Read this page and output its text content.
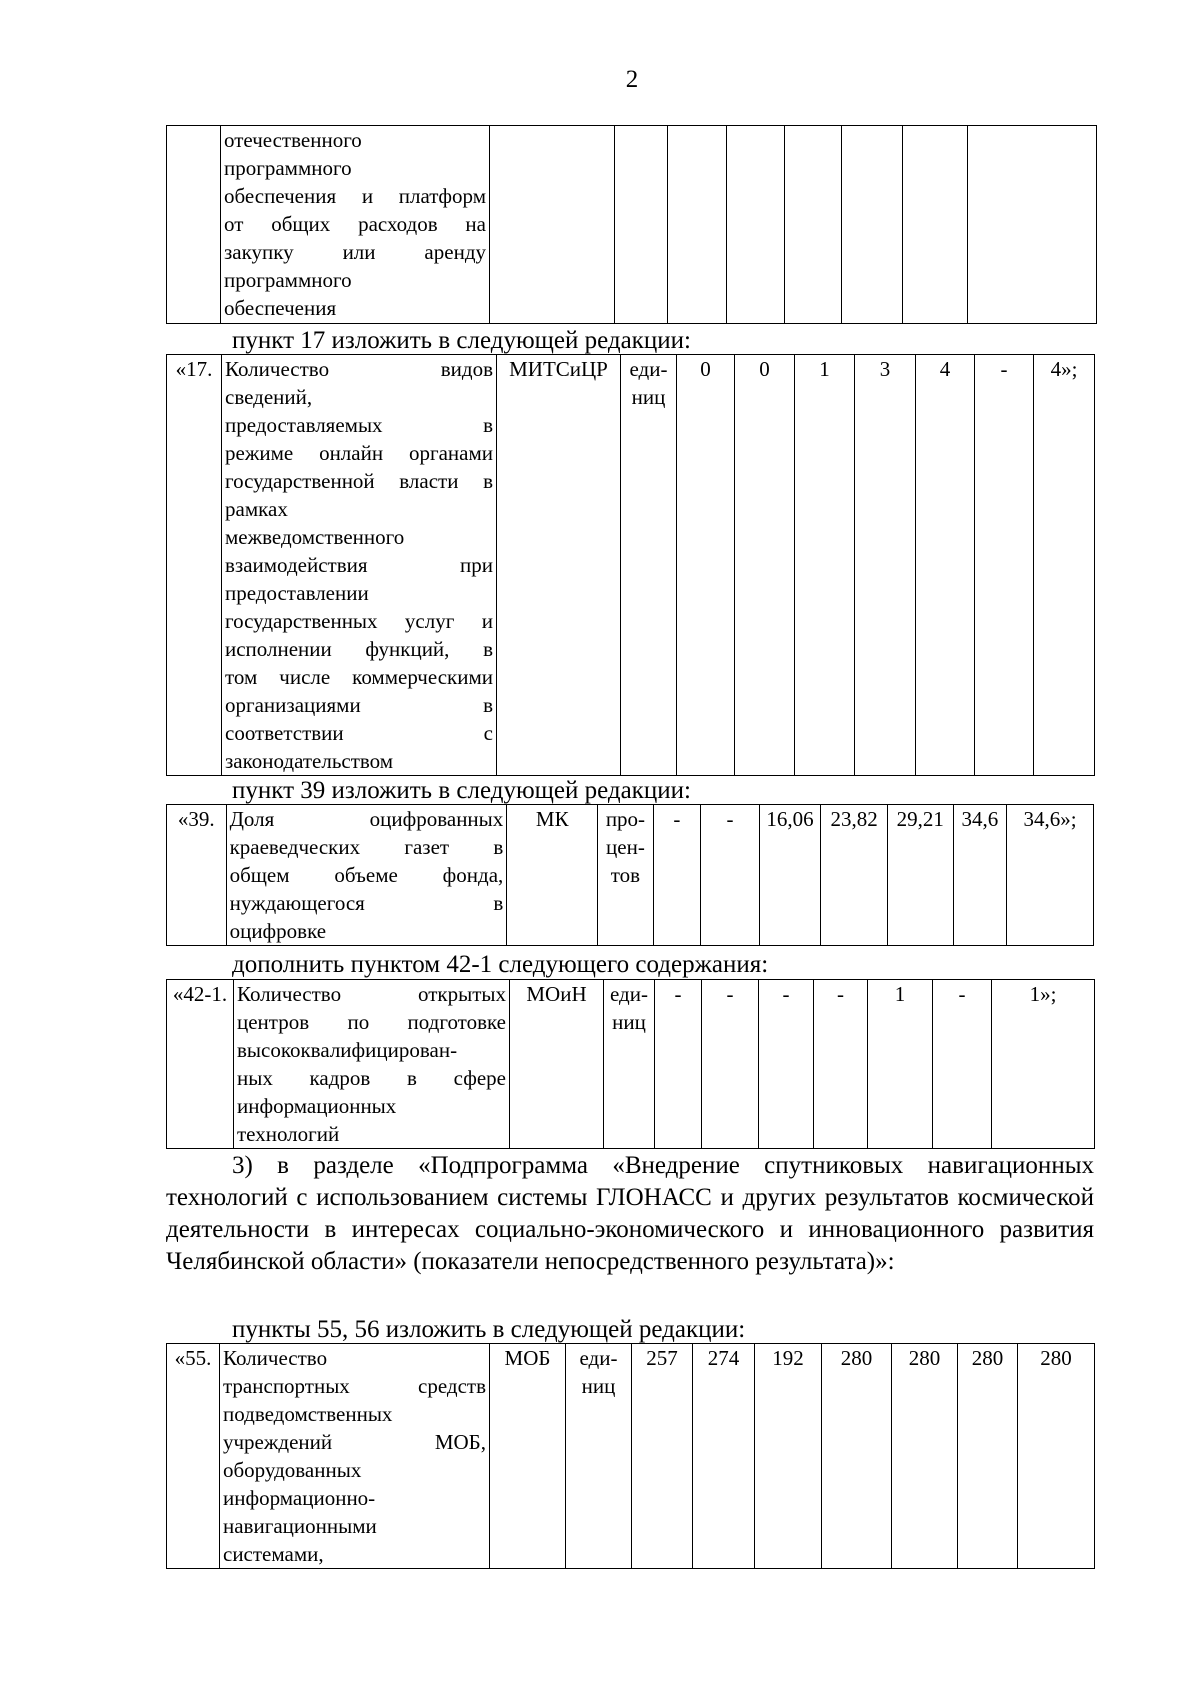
2

отечественного
программного
обеспечения и платформ
от общих расходов на
закупку или аренду
программного
обеспечения

пункт 17 изложить в следующей редакции:
«17.	Количество видов
сведений,
предоставляемых в
режиме онлайн органами
государственной власти в
рамках
межведомственного
взаимодействия при
предоставлении
государственных услуг и
исполнении функций, в
том числе коммерческими
организациями в
соответствии с
законодательством
	МИТСиЦР	еди-
ниц
	0	0	1	3	4	-	4»;
пункт 39 изложить в следующей редакции:
«39.	Доля оцифрованных
краеведческих газет в
общем объеме фонда,
нуждающегося в
оцифровке
	МК	про-
цен-
тов
	-	-	16,06	23,82	29,21	34,6	34,6»;
дополнить пунктом 42-1 следующего содержания:
«42-1.	Количество открытых
центров по подготовке
высококвалифицирован-
ных кадров в сфере
информационных
технологий
	МОиН	еди-
ниц
	-	-	-	-	1	-	1»;
3) в разделе «Подпрограмма «Внедрение спутниковых навигационных технологий с использованием системы ГЛОНАСС и других результатов космической деятельности в интересах социально-экономического и инновационного развития Челябинской области» (показатели непосредственного результата)»:
пункты 55, 56 изложить в следующей редакции:
«55.	Количество
транспортных средств
подведомственных
учреждений МОБ,
оборудованных
информационно-
навигационными
системами,
	МОБ	еди-
ниц
	257	274	192	280	280	280	280
